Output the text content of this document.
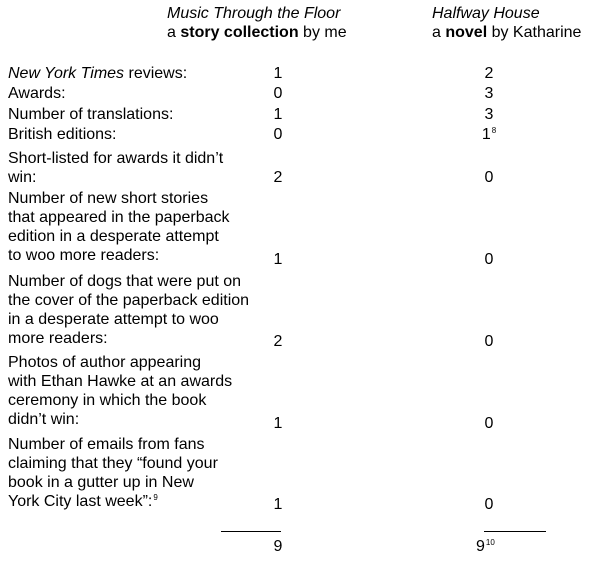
Music Through the Floor
a story collection by me
Halfway House
a novel by Katharine
New York Times reviews:	1	2
Awards:	0	3
Number of translations:	1	3
British editions:	0	1$^8$
Short-listed for awards it didn’t
win:	2	0
Number of new short stories
that appeared in the paperback
edition in a desperate attempt
to woo more readers:	1	0
Number of dogs that were put on
the cover of the paperback edition
in a desperate attempt to woo
more readers:	2	0
Photos of author appearing
with Ethan Hawke at an awards
ceremony in which the book
didn’t win:	1	0
Number of emails from fans
claiming that they “found your
book in a gutter up in New
York City last week”:$^9$	1	0
9	9$^{10}$
